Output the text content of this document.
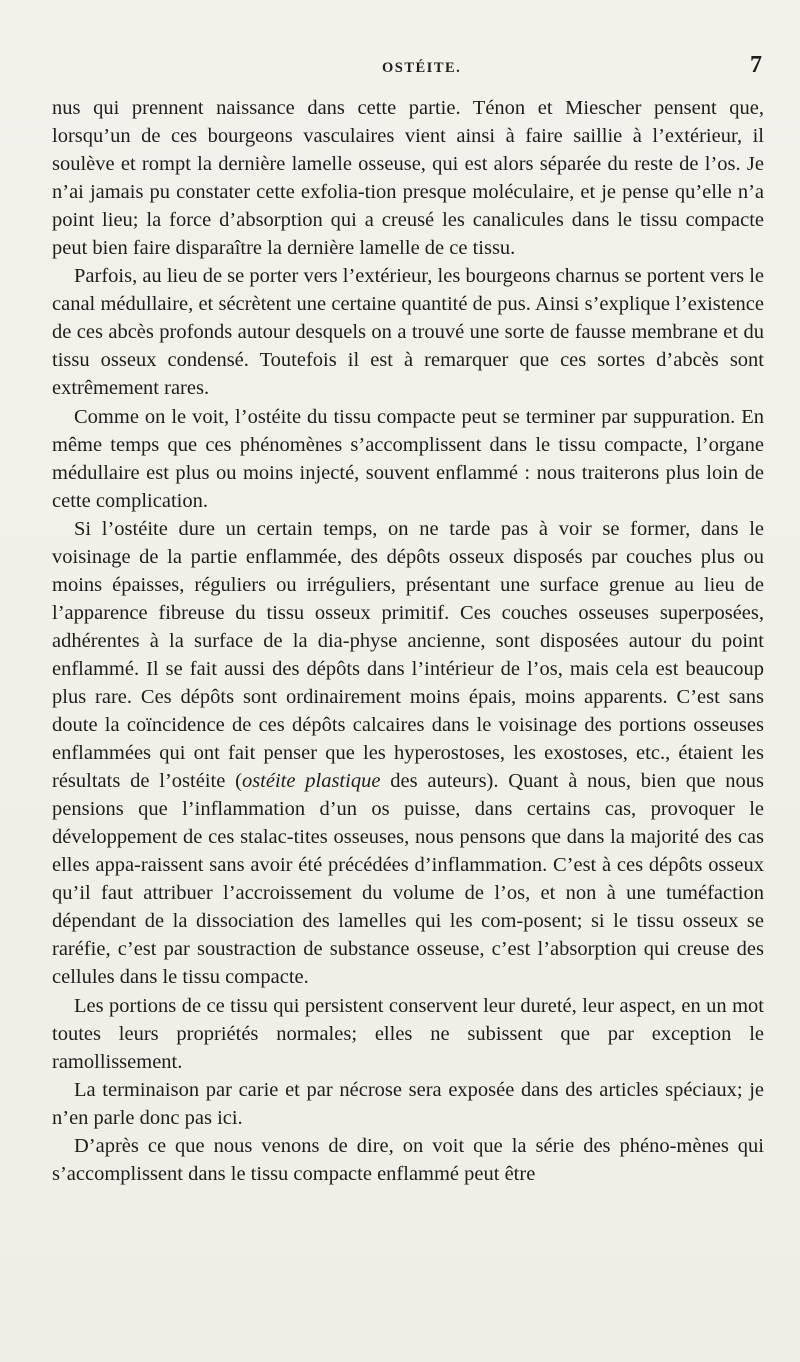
OSTÉITE.	7

nus qui prennent naissance dans cette partie. Ténon et Miescher pensent que, lorsqu’un de ces bourgeons vasculaires vient ainsi à faire saillie à l’extérieur, il soulève et rompt la dernière lamelle osseuse, qui est alors séparée du reste de l’os. Je n’ai jamais pu constater cette exfolia-tion presque moléculaire, et je pense qu’elle n’a point lieu; la force d’absorption qui a creusé les canalicules dans le tissu compacte peut bien faire disparaître la dernière lamelle de ce tissu.

Parfois, au lieu de se porter vers l’extérieur, les bourgeons charnus se portent vers le canal médullaire, et sécrètent une certaine quantité de pus. Ainsi s’explique l’existence de ces abcès profonds autour desquels on a trouvé une sorte de fausse membrane et du tissu osseux condensé. Toutefois il est à remarquer que ces sortes d’abcès sont extrêmement rares.

Comme on le voit, l’ostéite du tissu compacte peut se terminer par suppuration. En même temps que ces phénomènes s’accomplissent dans le tissu compacte, l’organe médullaire est plus ou moins injecté, souvent enflammé : nous traiterons plus loin de cette complication.

Si l’ostéite dure un certain temps, on ne tarde pas à voir se former, dans le voisinage de la partie enflammée, des dépôts osseux disposés par couches plus ou moins épaisses, réguliers ou irréguliers, présentant une surface grenue au lieu de l’apparence fibreuse du tissu osseux primitif. Ces couches osseuses superposées, adhérentes à la surface de la dia-physe ancienne, sont disposées autour du point enflammé. Il se fait aussi des dépôts dans l’intérieur de l’os, mais cela est beaucoup plus rare. Ces dépôts sont ordinairement moins épais, moins apparents. C’est sans doute la coïncidence de ces dépôts calcaires dans le voisinage des portions osseuses enflammées qui ont fait penser que les hyperostoses, les exostoses, etc., étaient les résultats de l’ostéite (ostéite plastique des auteurs). Quant à nous, bien que nous pensions que l’inflammation d’un os puisse, dans certains cas, provoquer le développement de ces stalac-tites osseuses, nous pensons que dans la majorité des cas elles appa-raissent sans avoir été précédées d’inflammation. C’est à ces dépôts osseux qu’il faut attribuer l’accroissement du volume de l’os, et non à une tuméfaction dépendant de la dissociation des lamelles qui les com-posent; si le tissu osseux se raréfie, c’est par soustraction de substance osseuse, c’est l’absorption qui creuse des cellules dans le tissu compacte.

Les portions de ce tissu qui persistent conservent leur dureté, leur aspect, en un mot toutes leurs propriétés normales; elles ne subissent que par exception le ramollissement.

La terminaison par carie et par nécrose sera exposée dans des articles spéciaux; je n’en parle donc pas ici.

D’après ce que nous venons de dire, on voit que la série des phéno-mènes qui s’accomplissent dans le tissu compacte enflammé peut être
